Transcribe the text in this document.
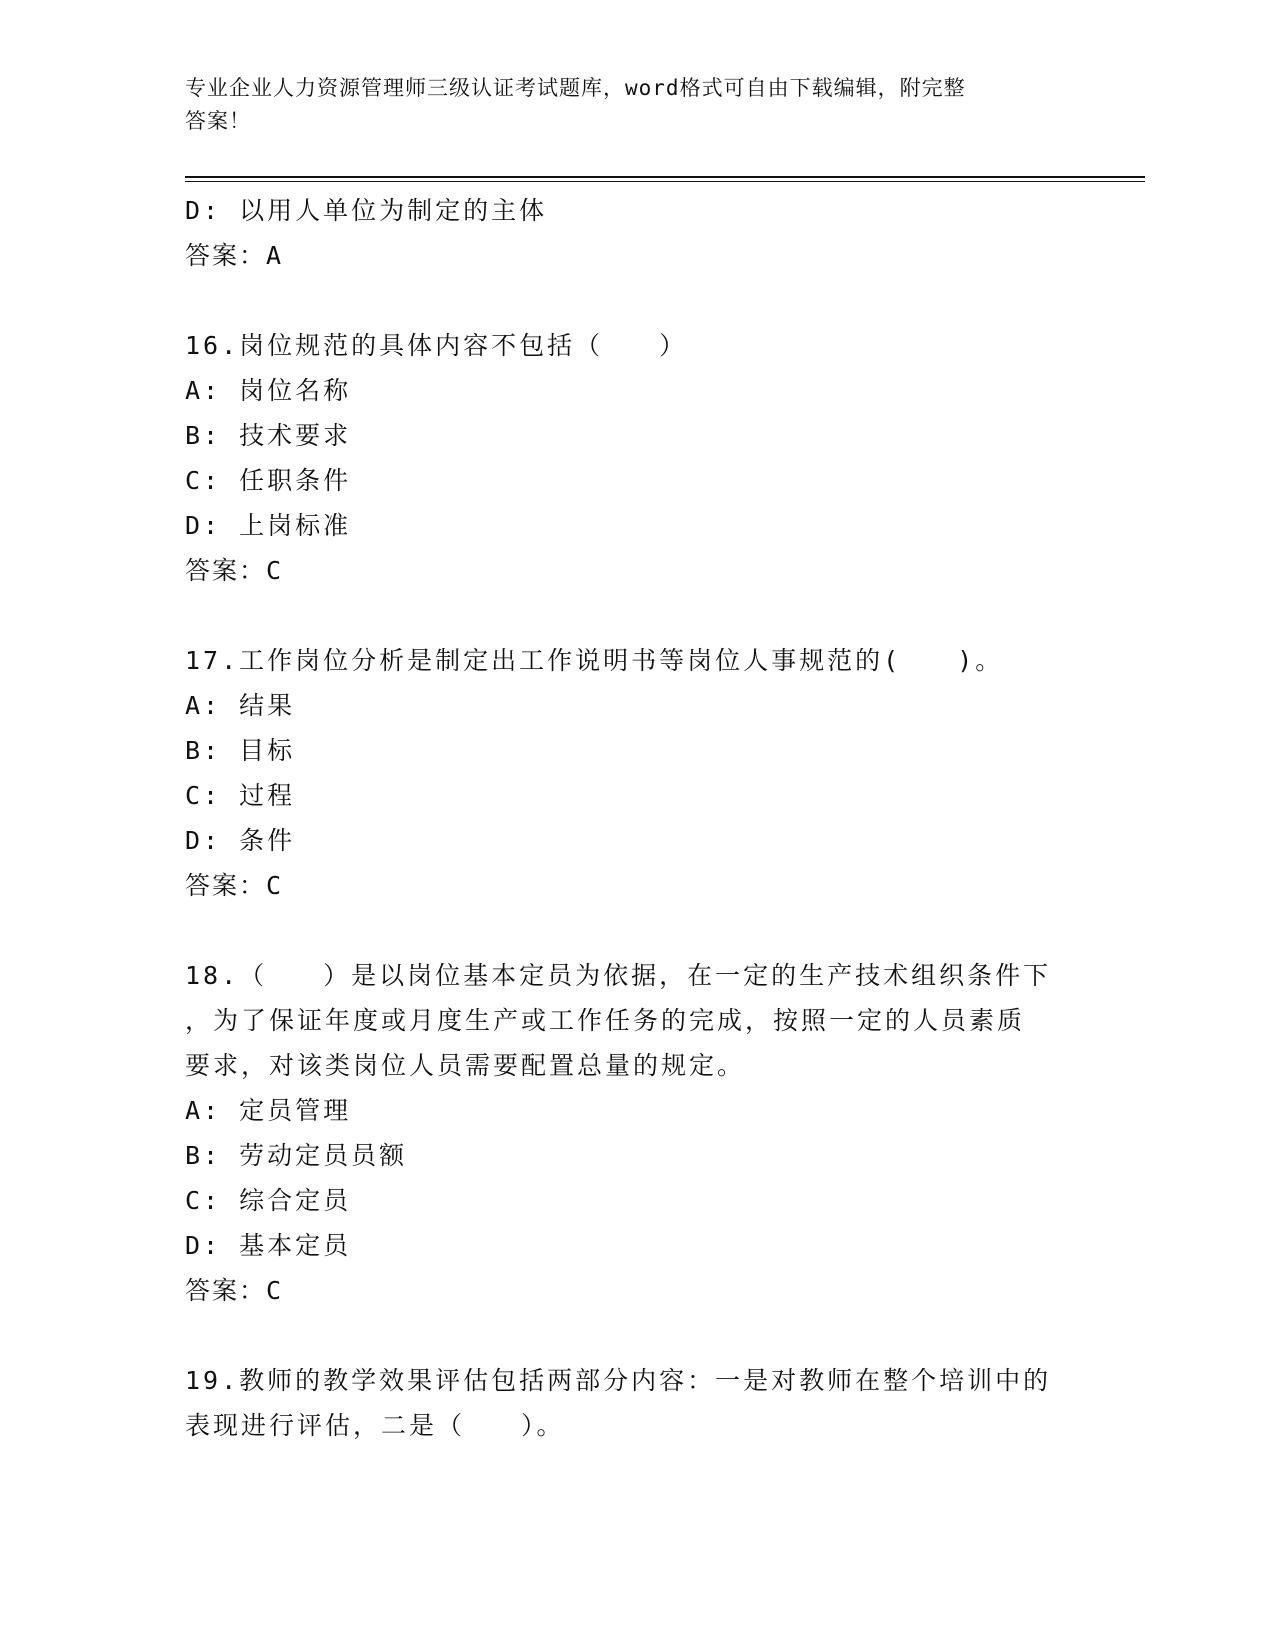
专业企业人力资源管理师三级认证考试题库，word格式可自由下载编辑，附完整
答案！
D: 以用人单位为制定的主体
答案：A
16.岗位规范的具体内容不包括（　　）
A: 岗位名称
B: 技术要求
C: 任职条件
D: 上岗标准
答案：C
17.工作岗位分析是制定出工作说明书等岗位人事规范的(　　)。
A: 结果
B: 目标
C: 过程
D: 条件
答案：C
18.（　　）是以岗位基本定员为依据，在一定的生产技术组织条件下
，为了保证年度或月度生产或工作任务的完成，按照一定的人员素质
要求，对该类岗位人员需要配置总量的规定。
A: 定员管理
B: 劳动定员员额
C: 综合定员
D: 基本定员
答案：C
19.教师的教学效果评估包括两部分内容：一是对教师在整个培训中的
表现进行评估，二是（　　）。
